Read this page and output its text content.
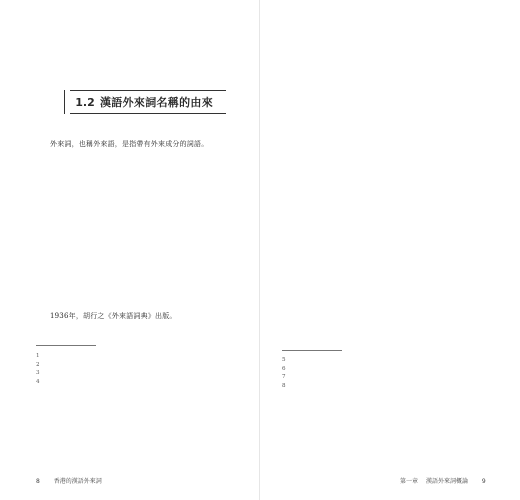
1.2 漢語外來詞名稱的由來

外來詞，也稱外來語，是指帶有外來成分的詞語。

1936年，胡行之《外來語詞典》出版。

1
2
3
4
8 香港的漢語外來詞

5
6
7
8
第一章 漢語外來詞概論 9
